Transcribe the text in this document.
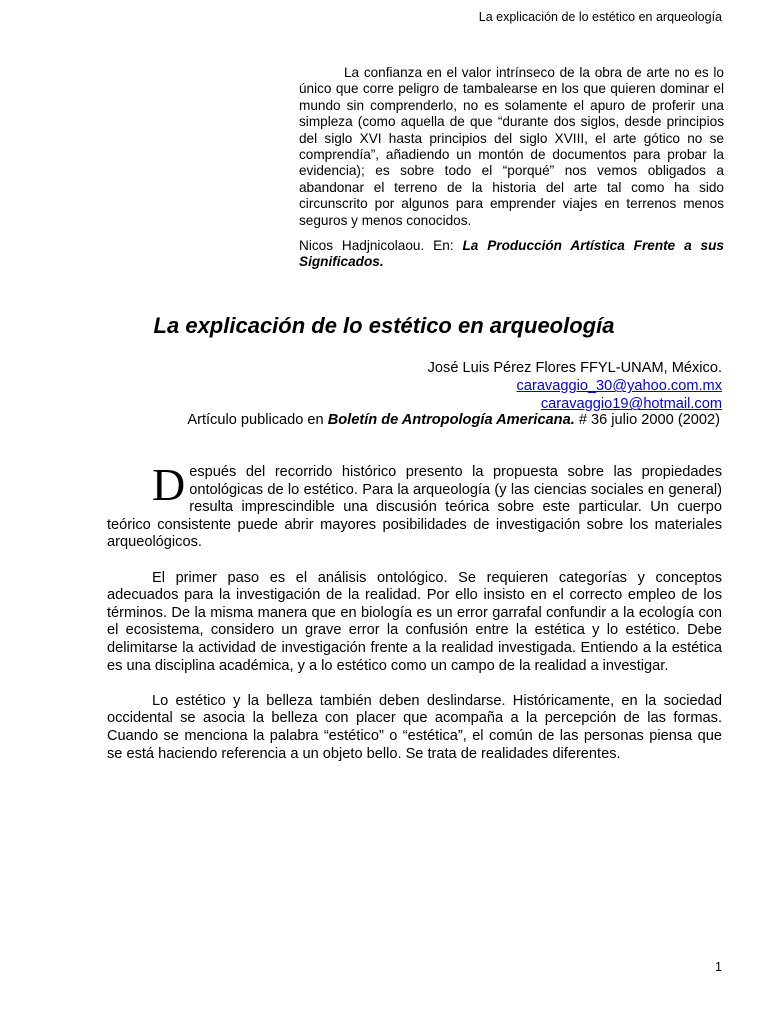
La explicación de lo estético en arqueología

La confianza en el valor intrínseco de la obra de arte no es lo único que corre peligro de tambalearse en los que quieren dominar el mundo sin comprenderlo, no es solamente el apuro de proferir una simpleza (como aquella de que “durante dos siglos, desde principios del siglo XVI hasta principios del siglo XVIII, el arte gótico no se comprendía”, añadiendo un montón de documentos para probar la evidencia); es sobre todo el “porqué” nos vemos obligados a abandonar el terreno de la historia del arte tal como ha sido circunscrito por algunos para emprender viajes en terrenos menos seguros y menos conocidos.

Nicos Hadjnicolaou. En: La Producción Artística Frente a sus Significados.

La explicación de lo estético en arqueología
José Luis Pérez Flores FFYL-UNAM, México.
caravaggio_30@yahoo.com.mx
caravaggio19@hotmail.com
Artículo publicado en Boletín de Antropología Americana. # 36 julio 2000 (2002)

Después del recorrido histórico presento la propuesta sobre las propiedades ontológicas de lo estético. Para la arqueología (y las ciencias sociales en general) resulta imprescindible una discusión teórica sobre este particular. Un cuerpo teórico consistente puede abrir mayores posibilidades de investigación sobre los materiales arqueológicos.

El primer paso es el análisis ontológico. Se requieren categorías y conceptos adecuados para la investigación de la realidad. Por ello insisto en el correcto empleo de los términos. De la misma manera que en biología es un error garrafal confundir a la ecología con el ecosistema, considero un grave error la confusión entre la estética y lo estético. Debe delimitarse la actividad de investigación frente a la realidad investigada. Entiendo a la estética es una disciplina académica, y a lo estético como un campo de la realidad a investigar.

Lo estético y la belleza también deben deslindarse. Históricamente, en la sociedad occidental se asocia la belleza con placer que acompaña a la percepción de las formas. Cuando se menciona la palabra “estético” o “estética”, el común de las personas piensa que se está haciendo referencia a un objeto bello. Se trata de realidades diferentes.

1
